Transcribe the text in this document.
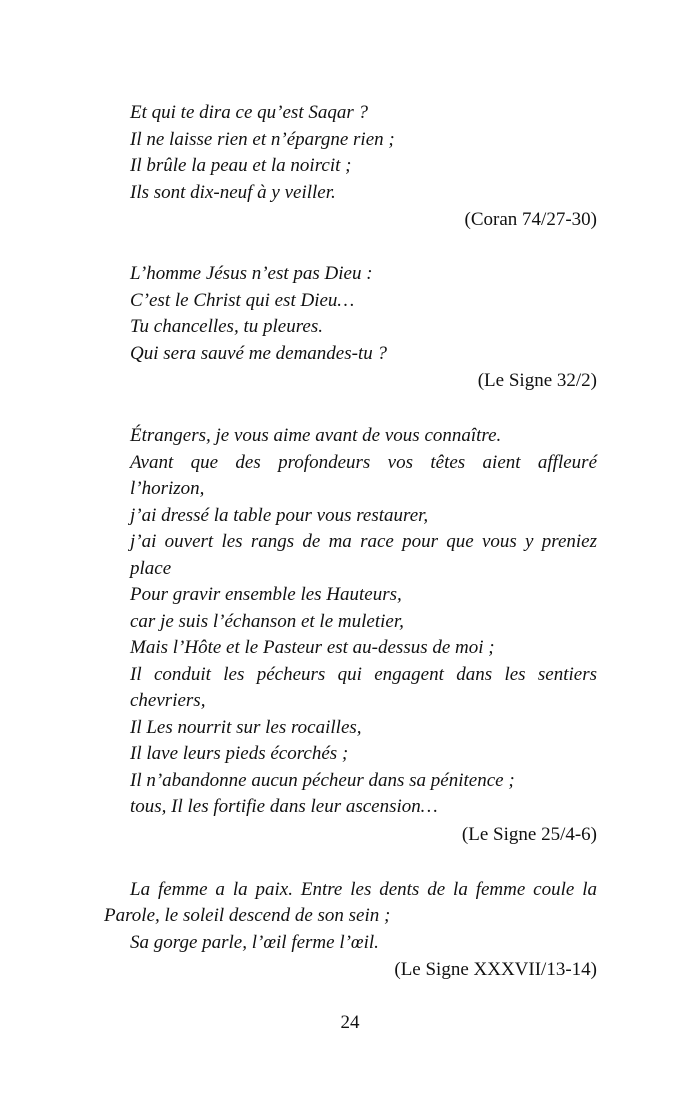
Et qui te dira ce qu’est Saqar ?
Il ne laisse rien et n’épargne rien ;
Il brûle la peau et la noircit ;
Ils sont dix-neuf à y veiller.
(Coran 74/27-30)
L’homme Jésus n’est pas Dieu :
C’est le Christ qui est Dieu…
Tu chancelles, tu pleures.
Qui sera sauvé me demandes-tu ?
(Le Signe 32/2)
Étrangers, je vous aime avant de vous connaître.
Avant que des profondeurs vos têtes aient affleuré
l’horizon,
j’ai dressé la table pour vous restaurer,
j’ai ouvert les rangs de ma race pour que vous y preniez
place
Pour gravir ensemble les Hauteurs,
car je suis l’échanson et le muletier,
Mais l’Hôte et le Pasteur est au-dessus de moi ;
Il conduit les pécheurs qui engagent dans les sentiers
chevriers,
Il Les nourrit sur les rocailles,
Il lave leurs pieds écorchés ;
Il n’abandonne aucun pécheur dans sa pénitence ;
tous, Il les fortifie dans leur ascension…
(Le Signe 25/4-6)
La femme a la paix. Entre les dents de la femme coule la
Parole, le soleil descend de son sein ;
Sa gorge parle, l’œil ferme l’œil.
(Le Signe XXXVII/13-14)
24
